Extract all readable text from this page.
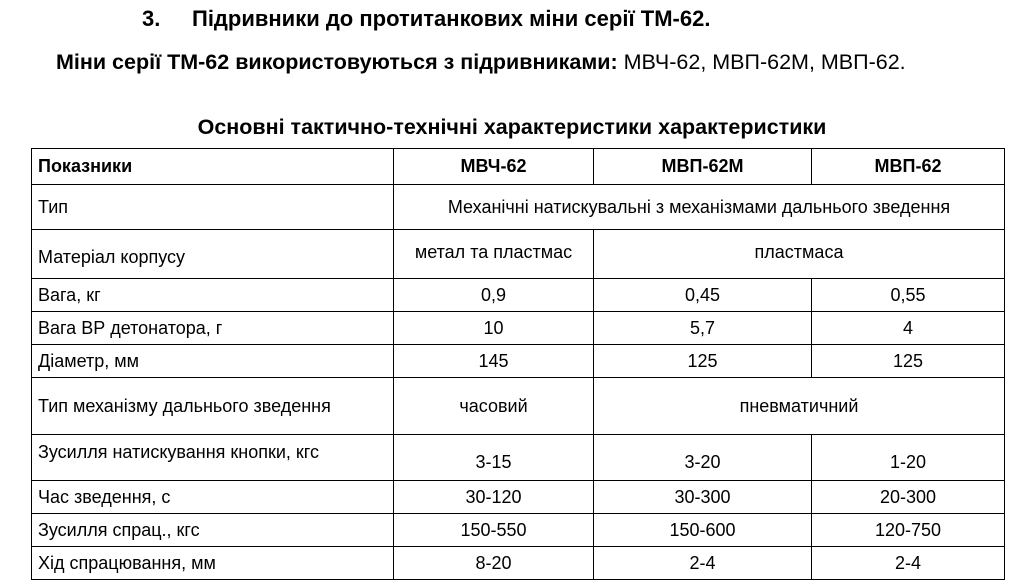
3. Підривники до протитанкових міни серії ТМ-62.
Міни серії ТМ-62 використовуються з підривниками: МВЧ-62, МВП-62М, МВП-62.
Основні тактично-технічні характеристики характеристики
Показники	МВЧ-62	МВП-62М	МВП-62
Тип	Механічні натискувальні з механізмами дальнього зведення		
Матеріал корпусу	метал та пластмас	пластмаса	
Вага, кг	0,9	0,45	0,55
Вага ВР детонатора, г	10	5,7	4
Діаметр, мм	145	125	125
Тип механізму дальнього зведення	часовий	пневматичний	

Зусилля натискування кнопки, кгс	3-15	3-20	1-20
Час зведення, с	30-120	30-300	20-300
Зусилля спрац., кгс	150-550	150-600	120-750
Хід спрацювання, мм	8-20	2-4	2-4
